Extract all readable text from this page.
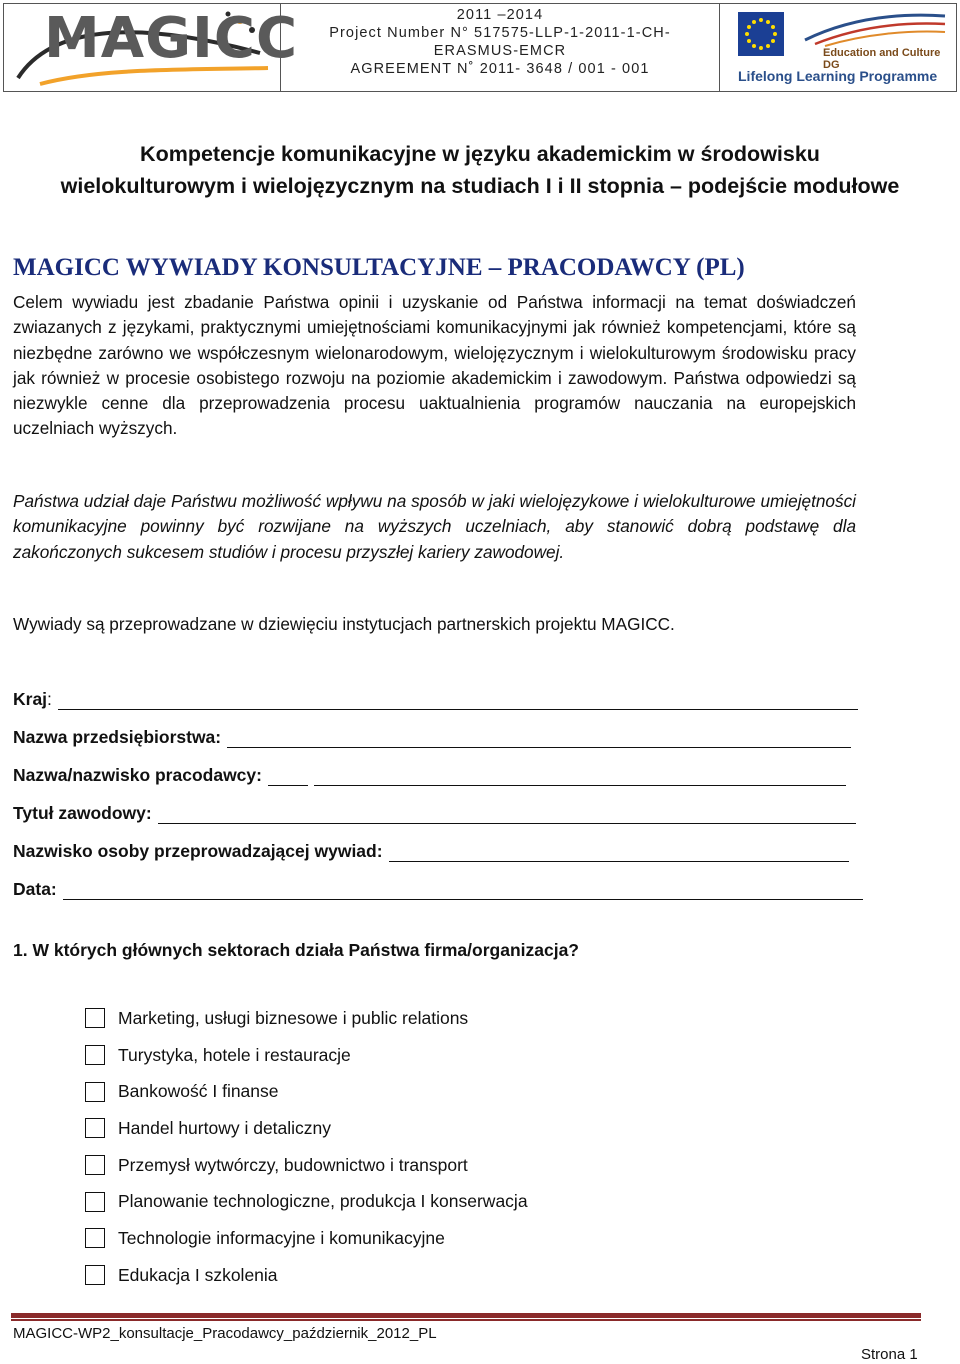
MAGICC	2011 –2014
Project Number N° 517575-LLP-1-2011-1-CH-
ERASMUS-EMCR
AGREEMENT N˚ 2011- 3648 / 001 - 001
Education and Culture DG
Lifelong Learning Programme
Kompetencje komunikacyjne w języku akademickim w środowisku
wielokulturowym i wielojęzycznym na studiach I i II stopnia – podejście modułowe
MAGICC WYWIADY KONSULTACYJNE – PRACODAWCY (PL)
Celem wywiadu jest zbadanie Państwa opinii i uzyskanie od Państwa informacji na temat doświadczeń zwiazanych z językami, praktycznymi umiejętnościami komunikacyjnymi jak również kompetencjami, które są niezbędne zarówno we współczesnym wielonarodowym, wielojęzycznym i wielokulturowym środowisku pracy jak również w procesie osobistego rozwoju na poziomie akademickim i zawodowym. Państwa odpowiedzi są niezwykle cenne dla przeprowadzenia procesu uaktualnienia programów nauczania na europejskich uczelniach wyższych.
Państwa udział daje Państwu możliwość wpływu na sposób w jaki wielojęzykowe i wielokulturowe umiejętności komunikacyjne powinny być rozwijane na wyższych uczelniach, aby stanowić dobrą podstawę dla zakończonych sukcesem studiów i procesu przyszłej kariery zawodowej.
Wywiady są przeprowadzane w dziewięciu instytucjach partnerskich projektu MAGICC.
Kraj :
Nazwa przedsiębiorstwa:
Nazwa/nazwisko pracodawcy:
Tytuł zawodowy:
Nazwisko osoby przeprowadzającej wywiad:
Data:
1. W których głównych sektorach działa Państwa firma/organizacja?
Marketing, usługi biznesowe i public relations
Turystyka, hotele i restauracje
Bankowość I finanse
Handel hurtowy i detaliczny
Przemysł wytwórczy, budownictwo i transport
Planowanie technologiczne, produkcja I konserwacja
Technologie informacyjne i komunikacyjne
Edukacja I szkolenia
MAGICC-WP2_konsultacje_Pracodawcy_październik_2012_PL
Strona 1
